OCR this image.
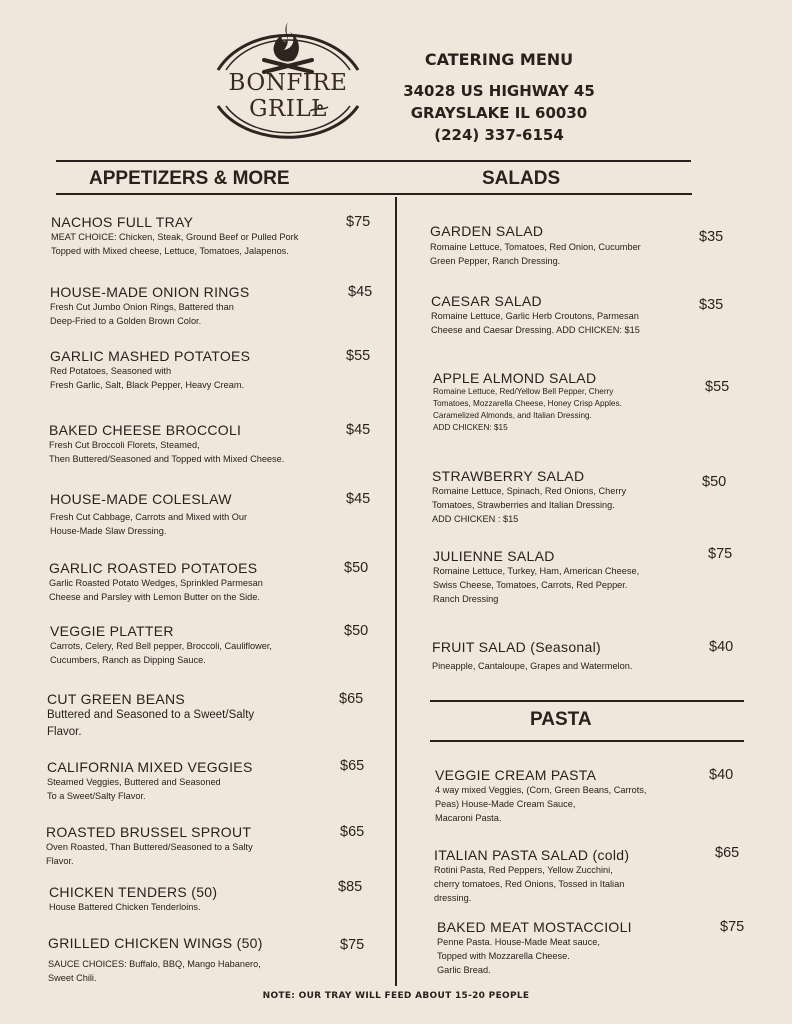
BONFIRE GRILL
CATERING MENU
34028 US HIGHWAY 45
GRAYSLAKE IL 60030
(224) 337-6154
APPETIZERS & MORE	SALADS
PASTA
NACHOS FULL TRAY
MEAT CHOICE: Chicken, Steak, Ground Beef or Pulled Pork
Topped with Mixed cheese, Lettuce, Tomatoes, Jalapenos.
$75
HOUSE-MADE ONION RINGS
Fresh Cut Jumbo Onion Rings, Battered than
Deep-Fried to a Golden Brown Color.
$45
GARLIC MASHED POTATOES
Red Potatoes, Seasoned with
Fresh Garlic, Salt, Black Pepper, Heavy Cream.
$55
BAKED CHEESE BROCCOLI
Fresh Cut Broccoli Florets, Steamed,
Then Buttered/Seasoned and Topped with Mixed Cheese.
$45
HOUSE-MADE COLESLAW
Fresh Cut Cabbage, Carrots and Mixed with Our
House-Made Slaw Dressing.
$45
GARLIC ROASTED POTATOES
Garlic Roasted Potato Wedges, Sprinkled Parmesan
Cheese and Parsley with Lemon Butter on the Side.
$50
VEGGIE PLATTER
Carrots, Celery, Red Bell pepper, Broccoli, Cauliflower,
Cucumbers, Ranch as Dipping Sauce.
$50
CUT GREEN BEANS
Buttered and Seasoned to a Sweet/Salty
Flavor.
$65
CALIFORNIA MIXED VEGGIES
Steamed Veggies, Buttered and Seasoned
To a Sweet/Salty Flavor.
$65
ROASTED BRUSSEL SPROUT
Oven Roasted, Than Buttered/Seasoned to a Salty
Flavor.
$65
CHICKEN TENDERS (50)
House Battered Chicken Tenderloins.
$85
GRILLED CHICKEN WINGS (50)
SAUCE CHOICES: Buffalo, BBQ, Mango Habanero,
Sweet Chili.
$75
GARDEN SALAD
Romaine Lettuce, Tomatoes, Red Onion, Cucumber
Green Pepper, Ranch Dressing.
$35
CAESAR SALAD
Romaine Lettuce, Garlic Herb Croutons, Parmesan
Cheese and Caesar Dressing. ADD CHICKEN: $15
$35
APPLE ALMOND SALAD
Romaine Lettuce, Red/Yellow Bell Pepper, Cherry
Tomatoes, Mozzarella Cheese, Honey Crisp Apples.
Caramelized Almonds, and Italian Dressing.
ADD CHICKEN: $15
$55
STRAWBERRY SALAD
Romaine Lettuce, Spinach, Red Onions, Cherry
Tomatoes, Strawberries and Italian Dressing.
ADD CHICKEN : $15
$50
JULIENNE SALAD
Romaine Lettuce, Turkey, Ham, American Cheese,
Swiss Cheese, Tomatoes, Carrots, Red Pepper.
Ranch Dressing
$75
FRUIT SALAD (Seasonal)
Pineapple, Cantaloupe, Grapes and Watermelon.
$40
VEGGIE CREAM PASTA
4 way mixed Veggies, (Corn, Green Beans, Carrots,
Peas) House-Made Cream Sauce,
Macaroni Pasta.
$40
ITALIAN PASTA SALAD (cold)
Rotini Pasta, Red Peppers, Yellow Zucchini,
cherry tomatoes, Red Onions, Tossed in Italian
dressing.
$65
BAKED MEAT MOSTACCIOLI
Penne Pasta. House-Made Meat sauce,
Topped with Mozzarella Cheese.
Garlic Bread.
$75
NOTE: OUR TRAY WILL FEED ABOUT 15-20 PEOPLE
